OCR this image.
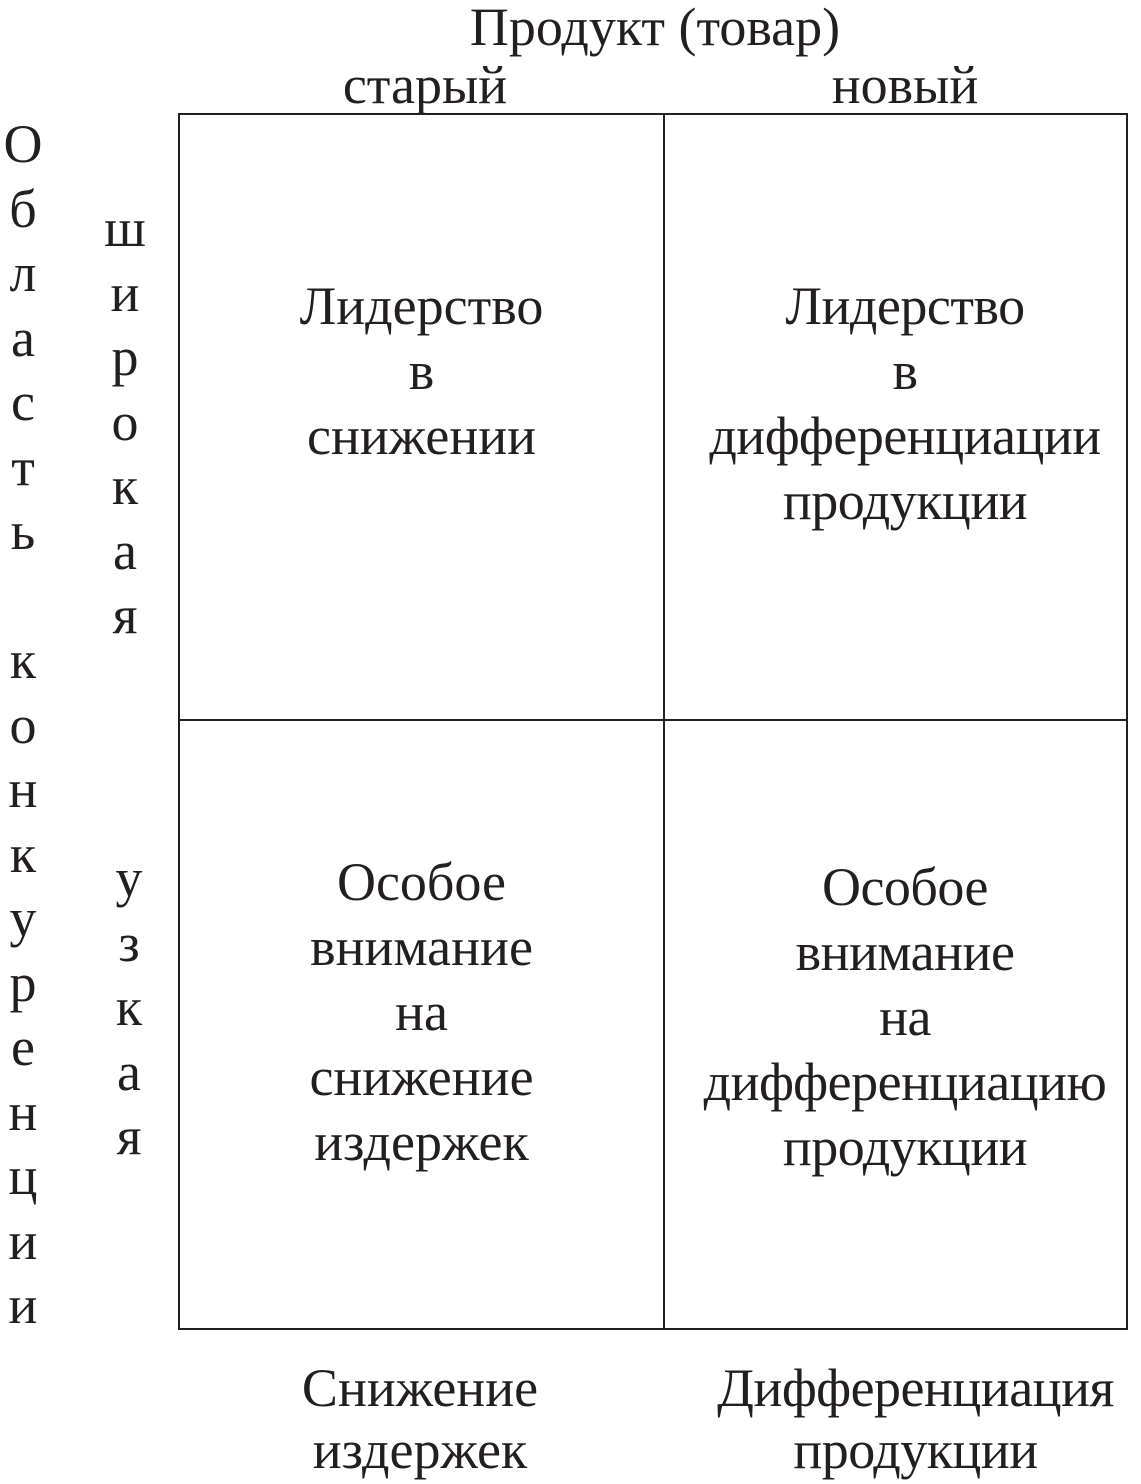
Продукт (товар)
старый	новый
О
б
л
а
с
т
ь
к
о
н
к
у
р
е
н
ц
и
и
ш
и
р
о
к
а
я
у
з
к
а
я
Лидерство
в
снижении
Лидерство
в
дифференциации
продукции
Особое
внимание
на
снижение
издержек
Особое
внимание
на
дифференциацию
продукции
Снижение
издержек
Дифференциация
продукции
